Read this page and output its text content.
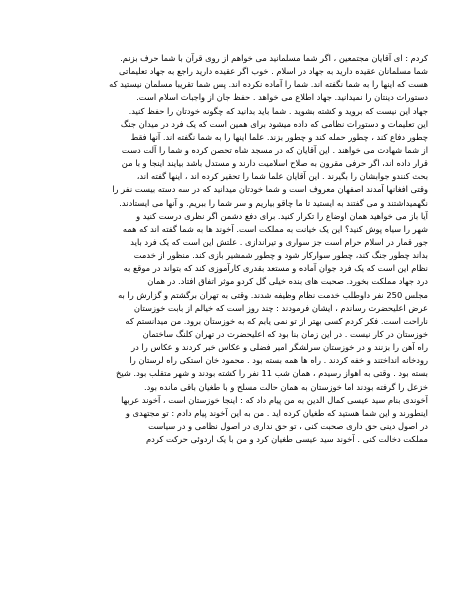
کردم : ای آقایان مجتمعین ، اگر شما مسلمانید می خواهم از روی قرآن با شما حرف بزنم.
شما مسلمانان عقیده دارید به جهاد در اسلام . خوب اگر عقیده دارید راجع به جهاد تعلیماتی
هست که اینها را به شما نگفته اند. شما را آماده نکرده اند. پس شما تقریبا مسلمان نیستید که
دستورات دینتان را نمیدانید. جهاد اطلاع می خواهد . حفظ جان از واجبات اسلام است.
جهاد این نیست که بروید و کشته بشوید . شما باید بدانید که چگونه خودتان را حفظ کنید.
این تعلیمات و دستورات نظامی که داده میشود برای همین است که یک فرد در میدان جنگ
چطور دفاع کند ، چطور حمله کند و چطور بزند. علما اینها را به شما نگفته اند. آنها فقط
از شما شهادت می خواهند . این آقایان که در مسجد شاه تحصن کرده و شما را آلت دست
قرار داده اند، اگر حرفی مقرون به صلاح اسلامیت دارند و مستدل باشد بیایند اینجا و با من
بحث کنندو جوابشان را بگیرند . این آقایان علما شما را تحقیر کرده اند ، اینها گفته اند،
وقتی افغانها آمدند اصفهان معروف است و شما خودتان میدانید که در سه دسته بیست نفر را
نگهمیداشتند و می گفتند به ایستید تا ما چاقو بیاریم و سر شما را ببریم. و آنها می ایستادند.
آیا باز می خواهید همان اوضاع را تکرار کنید. برای دفع دشمن اگر نظری درست کنید و
شهر را سیاه پوش کنید؟ این یک خیانت به مملکت است. آخوند ها به شما گفته اند که همه
جور قمار در اسلام حرام است جز سواری و تیراندازی . علتش این است که یک فرد باید
بداند چطور جنگ کند، چطور سوارکار شود و چطور شمشیر بازی کند. منظور از خدمت
نظام این است که یک فرد جوان آماده و مستعد بقدری کارآموزی کند که بتواند در موقع به
درد جهاد مملکت بخورد. صحبت های بنده خیلی گل کردو موثر اتفاق افتاد. در همان
مجلس 250 نفر داوطلب خدمت نظام وظیفه شدند. وقتی به تهران برگشتم و گزارش را به
عرض اعلیحضرت رساندم ، ایشان فرمودند : چند روز است که خیالم از بابت خوزستان
ناراحت است. فکر کردم کسی بهتر از تو نمی یابم که به خوزستان برود. من میدانستم که
خوزستان در کار نیست . در این زمان بنا بود که اعلیحضرت در تهران کلنگ ساختمان
راه آهن را بزنند و در خوزستان سرلشگر امیر فضلی و عکاس خبر کردند و عکاس را در
رودخانه انداختند و خفه کردند . راه ها همه بسته بود . محمود خان استکی راه لرستان را
بسته بود . وقتی به اهواز رسیدم ، همان شب 11 نفر را کشته بودند و شهر متقلب بود. شیخ
خزعل را گرفته بودند اما خوزستان به همان حالت مسلح و با طغیان باقی مانده بود.
آخوندی بنام سید عیسی کمال الدین به من پیام داد که : اینجا خوزستان است ، آخوند عربها
اینطورند و این شما هستید که طغیان کرده اید . من به این آخوند پیام دادم : تو مجتهدی و
در اصول دینی حق داری صحبت کنی ، تو حق نداری در اصول نظامی و در سیاست
مملکت دخالت کنی . آخوند سید عیسی طغیان کرد و من با یک اردوئی حرکت کردم
